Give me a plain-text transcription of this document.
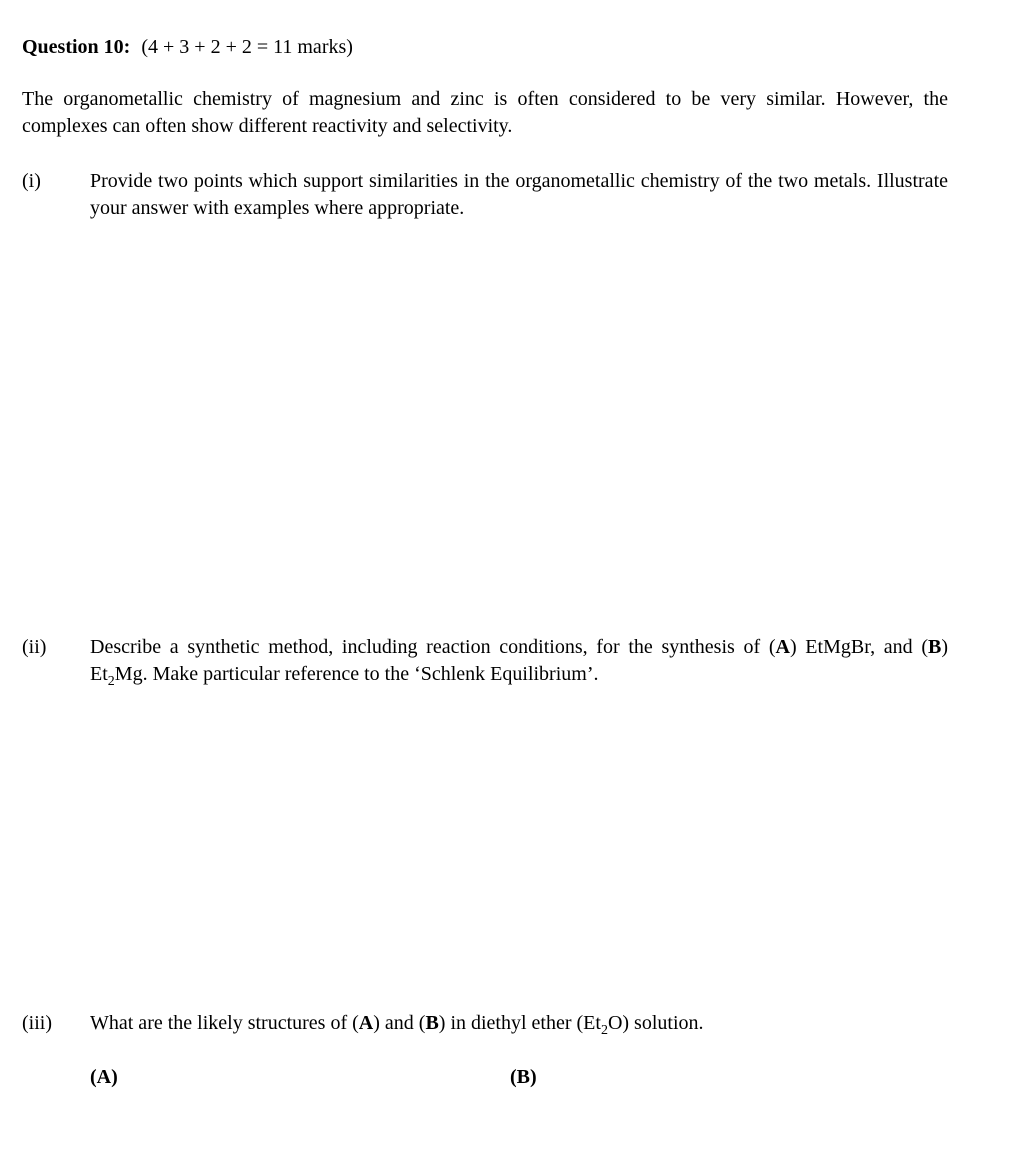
Question 10: (4 + 3 + 2 + 2 = 11 marks)

The organometallic chemistry of magnesium and zinc is often considered to be very similar. However, the complexes can often show different reactivity and selectivity.

(i)	Provide two points which support similarities in the organometallic chemistry of the two metals. Illustrate your answer with examples where appropriate.

(ii)	Describe a synthetic method, including reaction conditions, for the synthesis of (A) EtMgBr, and (B) $Et_2Mg$. Make particular reference to the ‘Schlenk Equilibrium’.

(iii)	What are the likely structures of (A) and (B) in diethyl ether $(Et_2O)$ solution.

(A)	(B)
